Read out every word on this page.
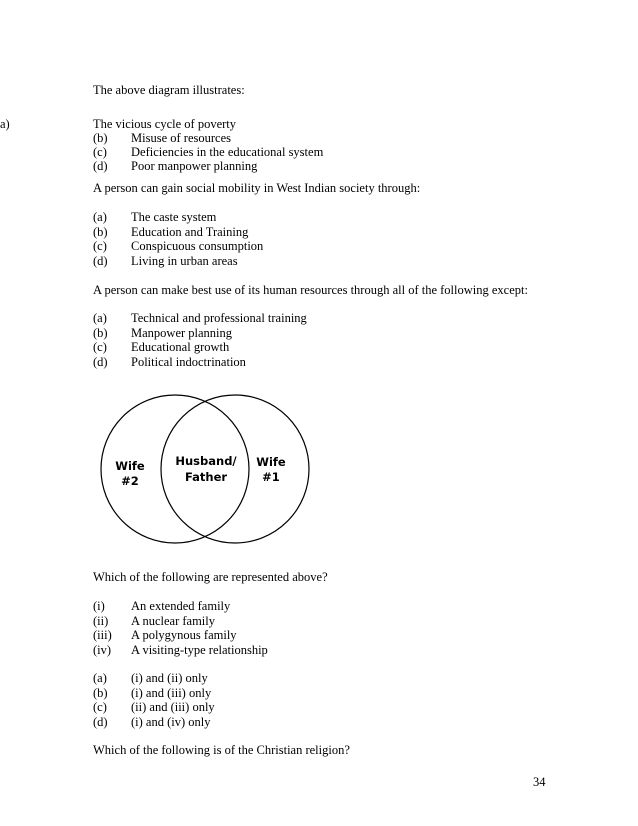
The above diagram illustrates:
a)	The vicious cycle of poverty
(b) Misuse of resources
(c) Deficiencies in the educational system
(d) Poor manpower planning
A person can gain social mobility in West Indian society through:
(a) The caste system
(b) Education and Training
(c) Conspicuous consumption
(d) Living in urban areas
A person can make best use of its human resources through all of the following except:
(a) Technical and professional training
(b) Manpower planning
(c) Educational growth
(d) Political indoctrination
Wife
#2
Husband/
Father
Wife
#1
Which of the following are represented above?
(i) An extended family
(ii) A nuclear family
(iii) A polygynous family
(iv) A visiting-type relationship
(a) (i) and (ii) only
(b) (i) and (iii) only
(c) (ii) and (iii) only
(d) (i) and (iv) only
Which of the following is of the Christian religion?
34
